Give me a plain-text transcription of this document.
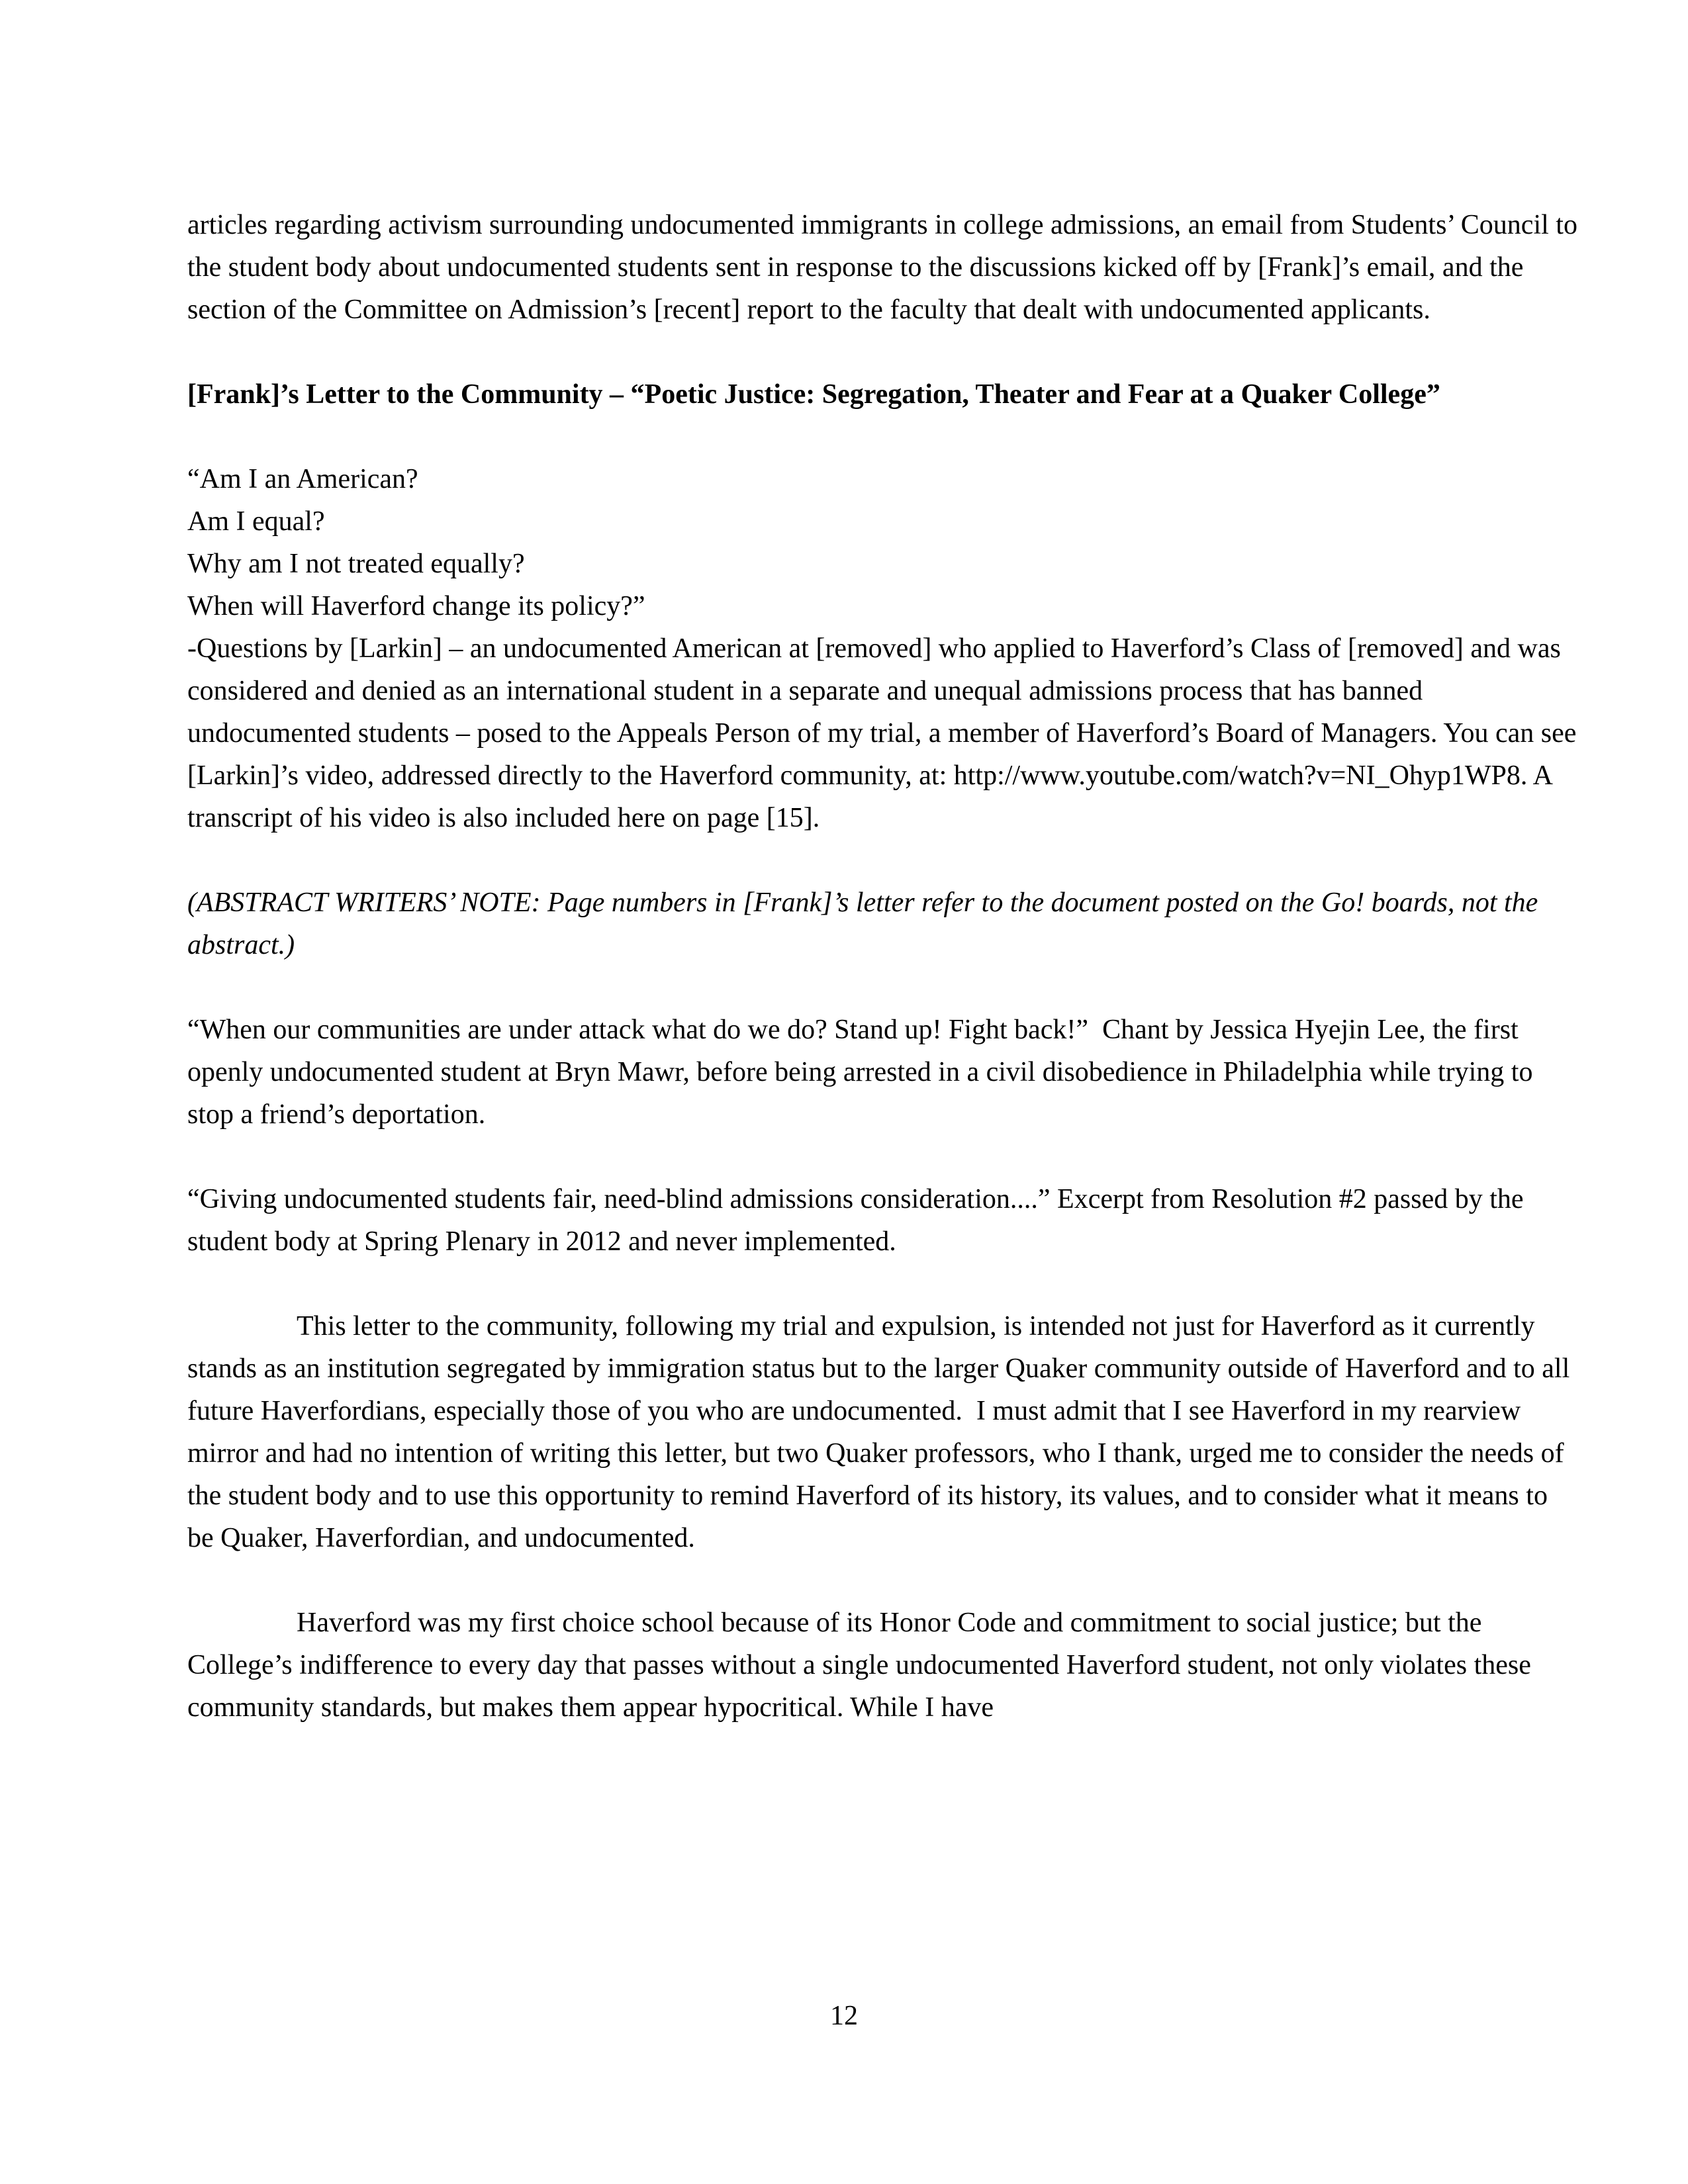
articles regarding activism surrounding undocumented immigrants in college admissions, an email from Students’ Council to the student body about undocumented students sent in response to the discussions kicked off by [Frank]’s email, and the section of the Committee on Admission’s [recent] report to the faculty that dealt with undocumented applicants.

[Frank]’s Letter to the Community – “Poetic Justice: Segregation, Theater and Fear at a Quaker College”

“Am I an American?
Am I equal?
Why am I not treated equally?
When will Haverford change its policy?”

-Questions by [Larkin] – an undocumented American at [removed] who applied to Haverford’s Class of [removed] and was considered and denied as an international student in a separate and unequal admissions process that has banned undocumented students – posed to the Appeals Person of my trial, a member of Haverford’s Board of Managers. You can see [Larkin]’s video, addressed directly to the Haverford community, at: http://www.youtube.com/watch?v=NI_Ohyp1WP8. A transcript of his video is also included here on page [15].

(ABSTRACT WRITERS’ NOTE: Page numbers in [Frank]’s letter refer to the document posted on the Go! boards, not the abstract.)

“When our communities are under attack what do we do? Stand up! Fight back!”  Chant by Jessica Hyejin Lee, the first openly undocumented student at Bryn Mawr, before being arrested in a civil disobedience in Philadelphia while trying to stop a friend’s deportation.

“Giving undocumented students fair, need-blind admissions consideration....” Excerpt from Resolution #2 passed by the student body at Spring Plenary in 2012 and never implemented.

This letter to the community, following my trial and expulsion, is intended not just for Haverford as it currently stands as an institution segregated by immigration status but to the larger Quaker community outside of Haverford and to all future Haverfordians, especially those of you who are undocumented.  I must admit that I see Haverford in my rearview mirror and had no intention of writing this letter, but two Quaker professors, who I thank, urged me to consider the needs of the student body and to use this opportunity to remind Haverford of its history, its values, and to consider what it means to be Quaker, Haverfordian, and undocumented.

Haverford was my first choice school because of its Honor Code and commitment to social justice; but the College’s indifference to every day that passes without a single undocumented Haverford student, not only violates these community standards, but makes them appear hypocritical. While I have

12
